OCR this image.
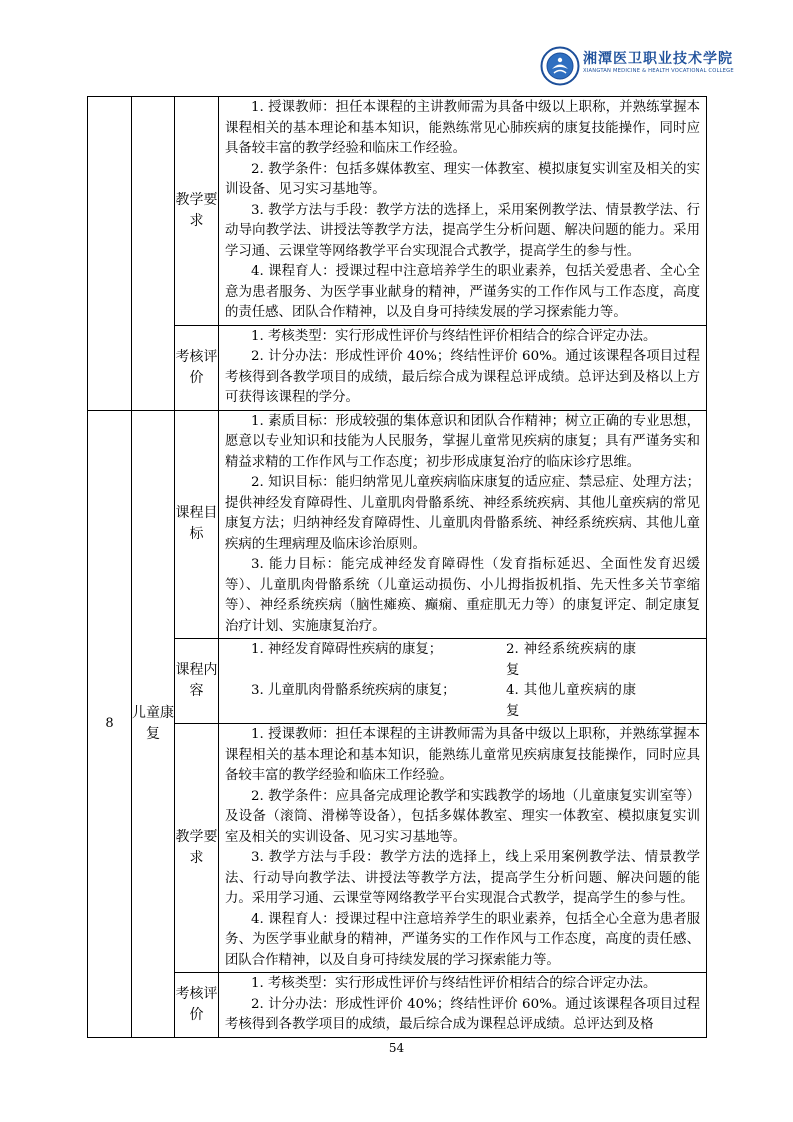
湘潭医卫职业技术学院
XIANGTAN MEDICINE & HEALTH VOCATIONAL COLLEGE
		教学要求	1. 授课教师：担任本课程的主讲教师需为具备中级以上职称，并熟练掌握本课程相关的基本理论和基本知识，能熟练常见心肺疾病的康复技能操作，同时应具备较丰富的教学经验和临床工作经验。

2. 教学条件：包括多媒体教室、理实一体教室、模拟康复实训室及相关的实训设备、见习实习基地等。

3. 教学方法与手段：教学方法的选择上，采用案例教学法、情景教学法、行动导向教学法、讲授法等教学方法，提高学生分析问题、解决问题的能力。采用学习通、云课堂等网络教学平台实现混合式教学，提高学生的参与性。

4. 课程育人：授课过程中注意培养学生的职业素养，包括关爱患者、全心全意为患者服务、为医学事业献身的精神，严谨务实的工作作风与工作态度，高度的责任感、团队合作精神，以及自身可持续发展的学习探索能力等。

		考核评价	1. 考核类型：实行形成性评价与终结性评价相结合的综合评定办法。

2. 计分办法：形成性评价 40%；终结性评价 60%。通过该课程各项目过程考核得到各教学项目的成绩，最后综合成为课程总评成绩。总评达到及格以上方可获得该课程的学分。

8	儿童康复	课程目标	1. 素质目标：形成较强的集体意识和团队合作精神；树立正确的专业思想，愿意以专业知识和技能为人民服务，掌握儿童常见疾病的康复；具有严谨务实和精益求精的工作作风与工作态度；初步形成康复治疗的临床诊疗思维。

2. 知识目标：能归纳常见儿童疾病临床康复的适应症、禁忌症、处理方法；提供神经发育障碍性、儿童肌肉骨骼系统、神经系统疾病、其他儿童疾病的常见康复方法；归纳神经发育障碍性、儿童肌肉骨骼系统、神经系统疾病、其他儿童疾病的生理病理及临床诊治原则。

3. 能力目标：能完成神经发育障碍性（发育指标延迟、全面性发育迟缓等）、儿童肌肉骨骼系统（儿童运动损伤、小儿拇指扳机指、先天性多关节挛缩等）、神经系统疾病（脑性瘫痪、癫痫、重症肌无力等）的康复评定、制定康复治疗计划、实施康复治疗。

		课程内容	1. 神经发育障碍性疾病的康复； 2. 神经系统疾病的康复
3. 儿童肌肉骨骼系统疾病的康复； 4. 其他儿童疾病的康复

		教学要求	1. 授课教师：担任本课程的主讲教师需为具备中级以上职称，并熟练掌握本课程相关的基本理论和基本知识，能熟练儿童常见疾病康复技能操作，同时应具备较丰富的教学经验和临床工作经验。

2. 教学条件：应具备完成理论教学和实践教学的场地（儿童康复实训室等）及设备（滚筒、滑梯等设备），包括多媒体教室、理实一体教室、模拟康复实训室及相关的实训设备、见习实习基地等。

3. 教学方法与手段：教学方法的选择上，线上采用案例教学法、情景教学法、行动导向教学法、讲授法等教学方法，提高学生分析问题、解决问题的能力。采用学习通、云课堂等网络教学平台实现混合式教学，提高学生的参与性。

4. 课程育人：授课过程中注意培养学生的职业素养，包括全心全意为患者服务、为医学事业献身的精神，严谨务实的工作作风与工作态度，高度的责任感、团队合作精神，以及自身可持续发展的学习探索能力等。

		考核评价	1. 考核类型：实行形成性评价与终结性评价相结合的综合评定办法。

2. 计分办法：形成性评价 40%；终结性评价 60%。通过该课程各项目过程考核得到各教学项目的成绩，最后综合成为课程总评成绩。总评达到及格

54
